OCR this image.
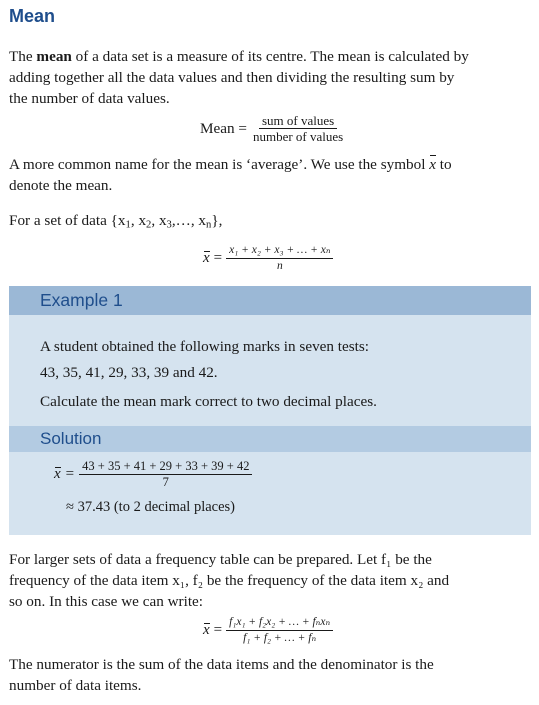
Mean
The mean of a data set is a measure of its centre. The mean is calculated by
adding together all the data values and then dividing the resulting sum by
the number of data values.
Mean = $\frac{\text{sum of values}}{\text{number of values}}$
A more common name for the mean is ‘average’. We use the symbol x to
denote the mean.
For a set of data {$x_1$, $x_2$, $x_3,\dots$, $x_n$},
$x = \frac{\text{x₁ + x₂ + x₃ + … + xₙ}}{n}$
Example 1
A student obtained the following marks in seven tests:
43, 35, 41, 29, 33, 39 and 42.
Calculate the mean mark correct to two decimal places.
Solution
$x = \frac{43 + 35 + 41 + 29 + 33 + 39 + 42}{7}$
≈ 37.43 (to 2 decimal places)
For larger sets of data a frequency table can be prepared. Let f₁ be the
frequency of the data item x₁, f₂ be the frequency of the data item x₂ and
so on. In this case we can write:
$x = \frac{\text{f₁x₁ + f₂x₂ + … + fₙxₙ}}{\text{f₁ + f₂ + … + fₙ}}$
The numerator is the sum of the data items and the denominator is the
number of data items.
